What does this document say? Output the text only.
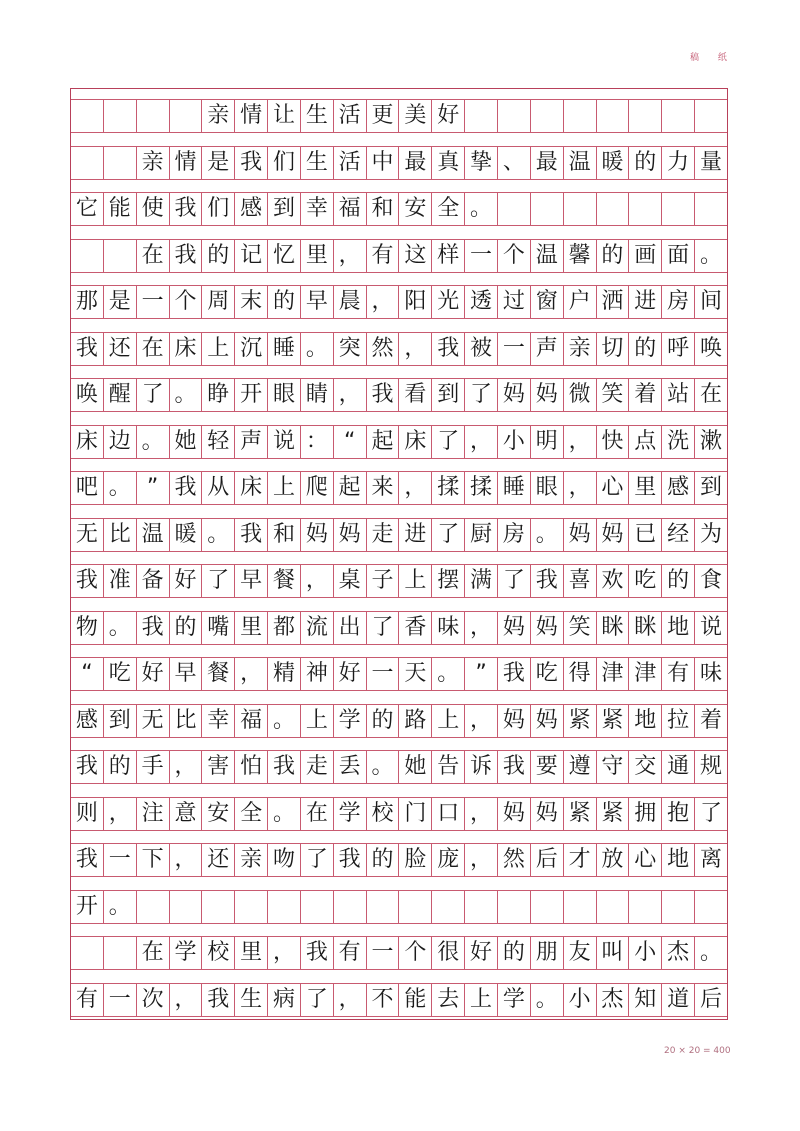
稿 纸
亲 情 让 生 活 更 美 好
亲 情 是 我 们 生 活 中 最 真 挚 、 最 温 暖 的 力 量
它 能 使 我 们 感 到 幸 福 和 安 全 。
在 我 的 记 忆 里 ， 有 这 样 一 个 温 馨 的 画 面 。
那 是 一 个 周 末 的 早 晨 ， 阳 光 透 过 窗 户 洒 进 房 间
我 还 在 床 上 沉 睡 。 突 然 ， 我 被 一 声 亲 切 的 呼 唤
唤 醒 了 。 睁 开 眼 睛 ， 我 看 到 了 妈 妈 微 笑 着 站 在
床 边 。 她 轻 声 说 ： “ 起 床 了 ， 小 明 ， 快 点 洗 漱
吧 。 ” 我 从 床 上 爬 起 来 ， 揉 揉 睡 眼 ， 心 里 感 到
无 比 温 暖 。 我 和 妈 妈 走 进 了 厨 房 。 妈 妈 已 经 为
我 准 备 好 了 早 餐 ， 桌 子 上 摆 满 了 我 喜 欢 吃 的 食
物 。 我 的 嘴 里 都 流 出 了 香 味 ， 妈 妈 笑 眯 眯 地 说
“ 吃 好 早 餐 ， 精 神 好 一 天 。 ” 我 吃 得 津 津 有 味
感 到 无 比 幸 福 。 上 学 的 路 上 ， 妈 妈 紧 紧 地 拉 着
我 的 手 ， 害 怕 我 走 丢 。 她 告 诉 我 要 遵 守 交 通 规
则 ， 注 意 安 全 。 在 学 校 门 口 ， 妈 妈 紧 紧 拥 抱 了
我 一 下 ， 还 亲 吻 了 我 的 脸 庞 ， 然 后 才 放 心 地 离
开 。
在 学 校 里 ， 我 有 一 个 很 好 的 朋 友 叫 小 杰 。
有 一 次 ， 我 生 病 了 ， 不 能 去 上 学 。 小 杰 知 道 后
20 × 20 = 400
